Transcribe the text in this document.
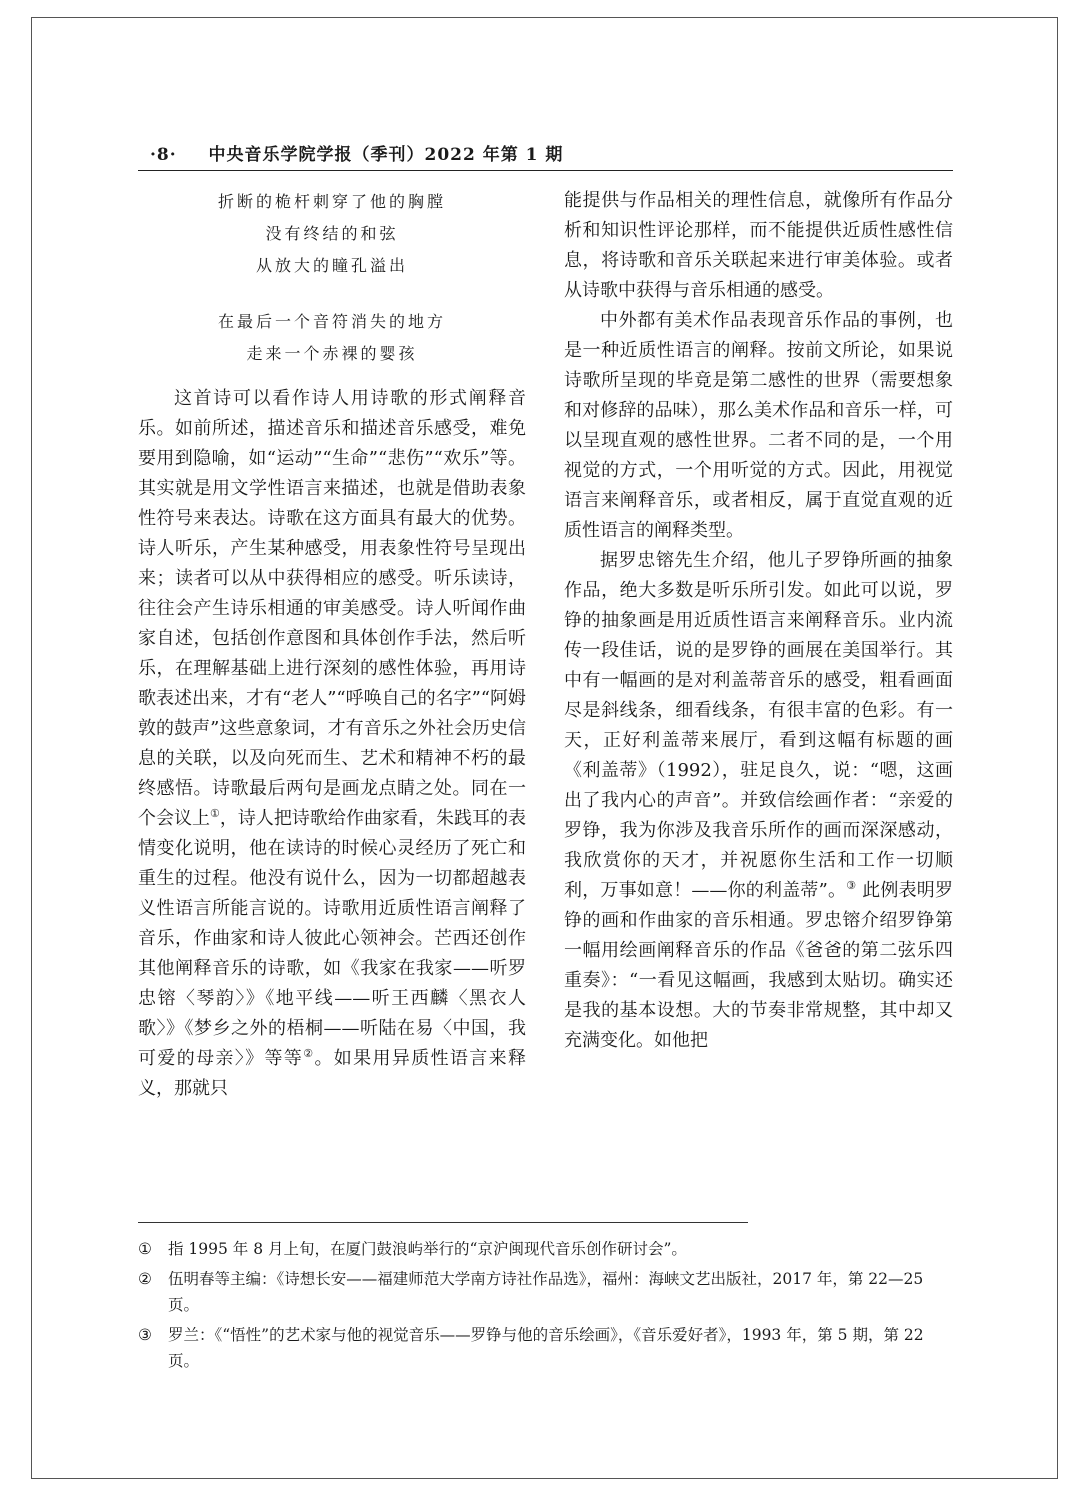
·8· 中央音乐学院学报（季刊）2022 年第 1 期
折断的桅杆刺穿了他的胸膛
没有终结的和弦
从放大的瞳孔溢出
在最后一个音符消失的地方
走来一个赤裸的婴孩

这首诗可以看作诗人用诗歌的形式阐释音乐。如前所述，描述音乐和描述音乐感受，难免要用到隐喻，如“运动”“生命”“悲伤”“欢乐”等。其实就是用文学性语言来描述，也就是借助表象性符号来表达。诗歌在这方面具有最大的优势。诗人听乐，产生某种感受，用表象性符号呈现出来；读者可以从中获得相应的感受。听乐读诗，往往会产生诗乐相通的审美感受。诗人听闻作曲家自述，包括创作意图和具体创作手法，然后听乐，在理解基础上进行深刻的感性体验，再用诗歌表述出来，才有“老人”“呼唤自己的名字”“阿姆敦的鼓声”这些意象词，才有音乐之外社会历史信息的关联，以及向死而生、艺术和精神不朽的最终感悟。诗歌最后两句是画龙点睛之处。同在一个会议上①，诗人把诗歌给作曲家看，朱践耳的表情变化说明，他在读诗的时候心灵经历了死亡和重生的过程。他没有说什么，因为一切都超越表义性语言所能言说的。诗歌用近质性语言阐释了音乐，作曲家和诗人彼此心领神会。芒西还创作其他阐释音乐的诗歌，如《我家在我家——听罗忠镕〈琴韵〉》《地平线——听王西麟〈黑衣人歌〉》《梦乡之外的梧桐——听陆在易〈中国，我可爱的母亲〉》等等②。如果用异质性语言来释义，那就只

能提供与作品相关的理性信息，就像所有作品分析和知识性评论那样，而不能提供近质性感性信息，将诗歌和音乐关联起来进行审美体验。或者从诗歌中获得与音乐相通的感受。

中外都有美术作品表现音乐作品的事例，也是一种近质性语言的阐释。按前文所论，如果说诗歌所呈现的毕竟是第二感性的世界（需要想象和对修辞的品味），那么美术作品和音乐一样，可以呈现直观的感性世界。二者不同的是，一个用视觉的方式，一个用听觉的方式。因此，用视觉语言来阐释音乐，或者相反，属于直觉直观的近质性语言的阐释类型。

据罗忠镕先生介绍，他儿子罗铮所画的抽象作品，绝大多数是听乐所引发。如此可以说，罗铮的抽象画是用近质性语言来阐释音乐。业内流传一段佳话，说的是罗铮的画展在美国举行。其中有一幅画的是对利盖蒂音乐的感受，粗看画面尽是斜线条，细看线条，有很丰富的色彩。有一天，正好利盖蒂来展厅，看到这幅有标题的画《利盖蒂》（1992），驻足良久，说：“嗯，这画出了我内心的声音”。并致信绘画作者：“亲爱的罗铮，我为你涉及我音乐所作的画而深深感动，我欣赏你的天才，并祝愿你生活和工作一切顺利，万事如意！——你的利盖蒂”。③ 此例表明罗铮的画和作曲家的音乐相通。罗忠镕介绍罗铮第一幅用绘画阐释音乐的作品《爸爸的第二弦乐四重奏》：“一看见这幅画，我感到太贴切。确实还是我的基本设想。大的节奏非常规整，其中却又充满变化。如他把

①	指 1995 年 8 月上旬，在厦门鼓浪屿举行的“京沪闽现代音乐创作研讨会”。
②	伍明春等主编：《诗想长安——福建师范大学南方诗社作品选》，福州：海峡文艺出版社，2017 年，第 22—25 页。
③	罗兰：《“悟性”的艺术家与他的视觉音乐——罗铮与他的音乐绘画》，《音乐爱好者》，1993 年，第 5 期，第 22 页。
